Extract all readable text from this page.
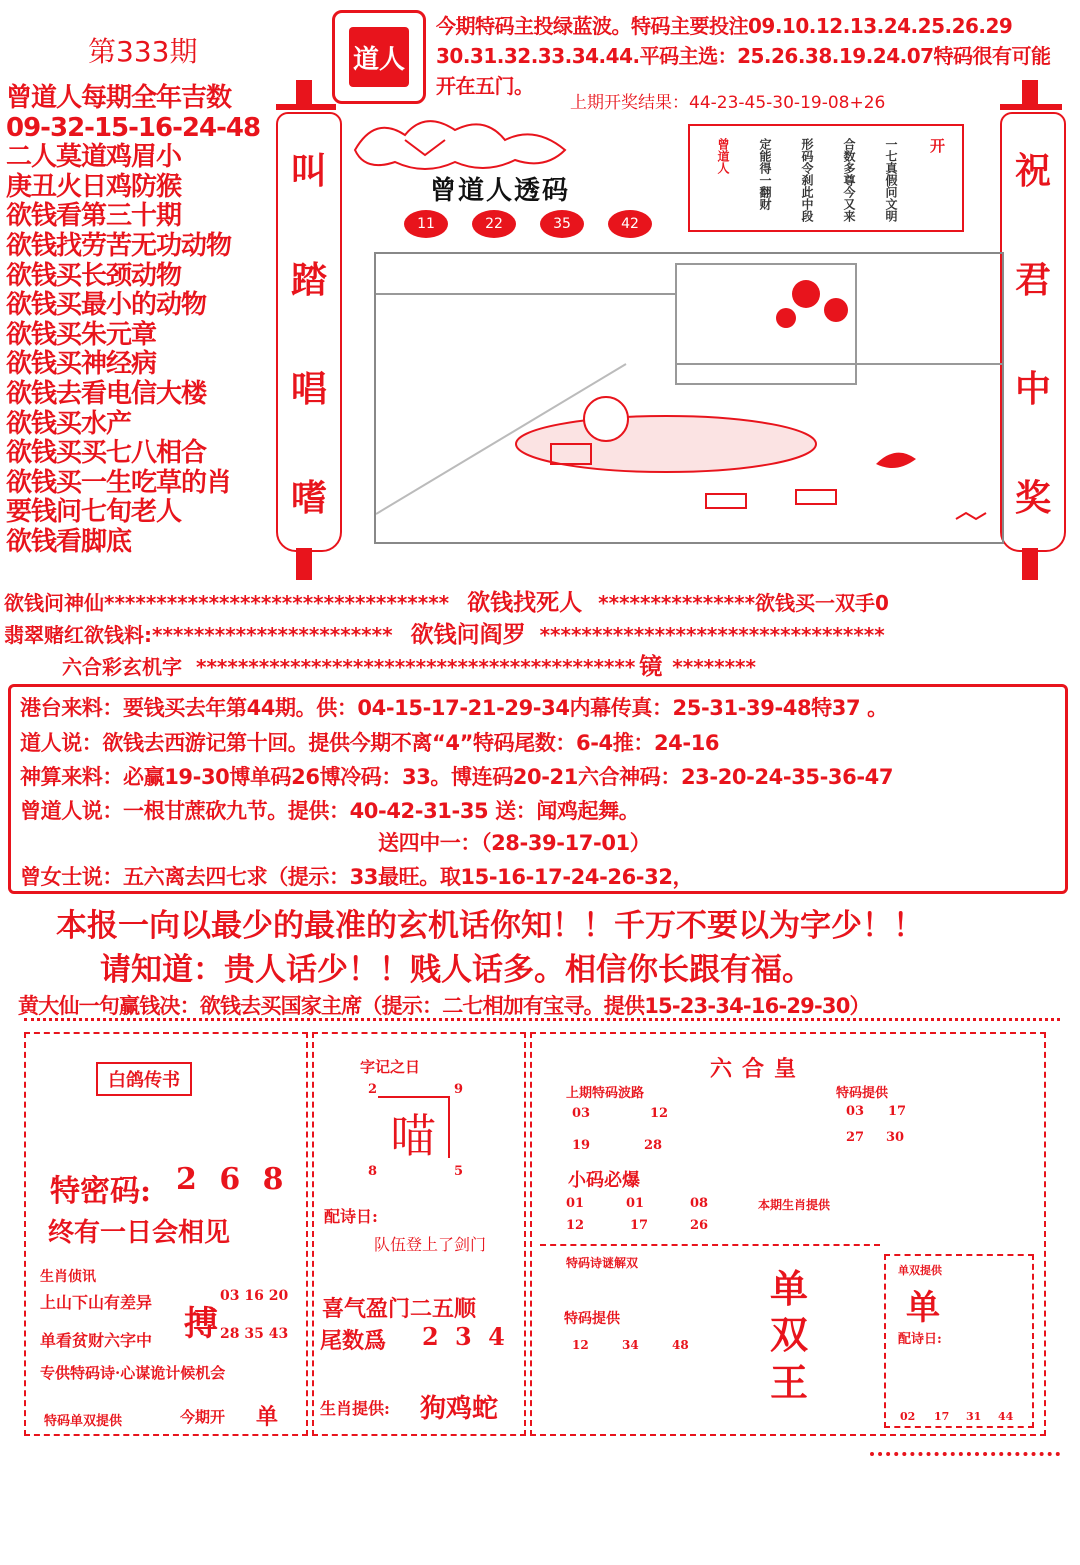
第333期	道人
今期特码主投绿蓝波。特码主要投注09.10.12.13.24.25.26.29
30.31.32.33.34.44.平码主选：25.26.38.19.24.07特码很有可能
开在五门。
上期开奖结果：44-23-45-30-19-08+26
曾道人每期全年吉数
09-32-15-16-24-48
二人莫道鸡眉小
庚丑火日鸡防猴
欲钱看第三十期
欲钱找劳苦无功动物
欲钱买长颈动物
欲钱买最小的动物
欲钱买朱元章
欲钱买神经病
欲钱去看电信大楼
欲钱买水产
欲钱买买七八相合
欲钱买一生吃草的肖
要钱问七旬老人
欲钱看脚底
叫
踏
唱
嗜
祝
君
中
奖
曾道人透码
11	22	35	42
开
一七真假问文明
合数多尊今又来
形码令刹此中段
定能得一翻财
曾道人
欲钱问神仙********************************* 欲钱找死人 ***************欲钱买一双手0
翡翠赌红欲钱料:*********************** 欲钱问阎罗 *********************************
六合彩玄机字 ****************************************** 镜 ********
港台来料：要钱买去年第44期。供：04-15-17-21-29-34内幕传真：25-31-39-48特37 。
道人说：欲钱去西游记第十回。提供今期不离“4”特码尾数：6-4推：24-16
神算来料：必赢19-30博单码26博冷码：33。博连码20-21六合神码：23-20-24-35-36-47
曾道人说：一根甘蔗砍九节。提供：40-42-31-35 送：闻鸡起舞。
送四中一：（28-39-17-01）
曾女士说：五六离去四七求（提示：33最旺。取15-16-17-24-26-32，
本报一向以最少的最准的玄机话你知！！千万不要以为字少！！
请知道：贵人话少！！贱人话多。相信你长跟有福。
黄大仙一句赢钱决：欲钱去买国家主席（提示：二七相加有宝寻。提供15-23-34-16-29-30）
白鸽传书
特密码: 2 6 8
终有一日会相见
生肖侦讯
上山下山有差异	03 16 20
搏
单看贫财六字中	28 35 43
专供特码诗·心谋诡计候机会
特码单双提供	今期开 单
字记之日
2	9
喵
8	5
配诗日:
队伍登上了剑门
喜气盈门二五顺
尾数爲 2 3 4
生肖提供: 狗鸡蛇
六合皇
上期特码波路	特码提供
03	12
19	28
03 17
27 30
小码必爆
01	01	08
12	17	26
本期生肖提供
特码诗谜解双
特码提供
12	34	48
单
双
王
单双提供
单
配诗日:
02 17 31 44
